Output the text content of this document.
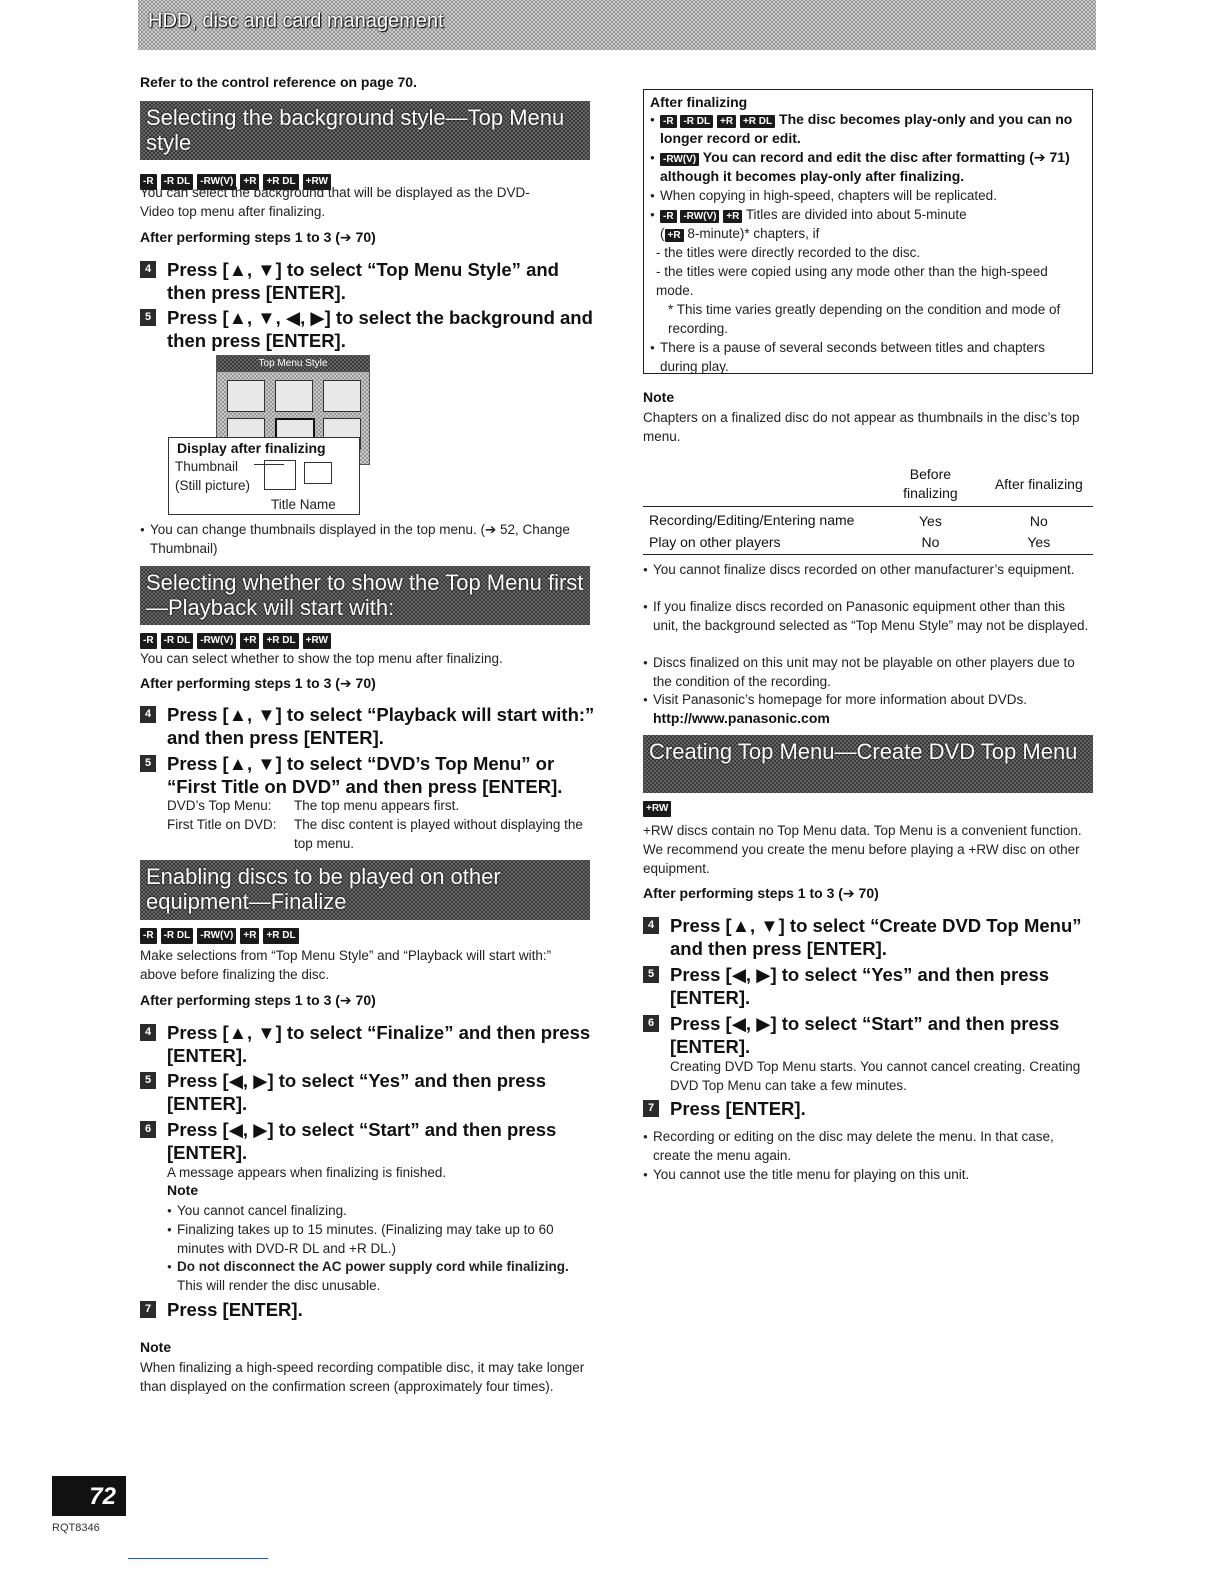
HDD, disc and card management
Refer to the control reference on page 70.
Selecting the background style—Top Menu style
-R	-R DL	-RW(V)	+R	+R DL	+RW
You can select the background that will be displayed as the DVD-Video top menu after finalizing.
After performing steps 1 to 3 (➔ 70)
4 Press [▲, ▼] to select “Top Menu Style” and then press [ENTER].
5 Press [▲, ▼, ◀, ▶] to select the background and then press [ENTER].
Top Menu Style
Display after finalizing
Thumbnail
(Still picture)
Title Name
● You can change thumbnails displayed in the top menu. (➔ 52, Change Thumbnail)
Selecting whether to show the Top Menu first—Playback will start with:
-R	-R DL	-RW(V)	+R	+R DL	+RW
You can select whether to show the top menu after finalizing.
After performing steps 1 to 3 (➔ 70)
4 Press [▲, ▼] to select “Playback will start with:” and then press [ENTER].
5 Press [▲, ▼] to select “DVD’s Top Menu” or “First Title on DVD” and then press [ENTER].
DVD’s Top Menu: The top menu appears first.
First Title on DVD: The disc content is played without displaying the top menu.
Enabling discs to be played on other equipment—Finalize
-R	-R DL	-RW(V)	+R	+R DL
Make selections from “Top Menu Style” and “Playback will start with:” above before finalizing the disc.
After performing steps 1 to 3 (➔ 70)
4 Press [▲, ▼] to select “Finalize” and then press [ENTER].
5 Press [◀, ▶] to select “Yes” and then press [ENTER].
6 Press [◀, ▶] to select “Start” and then press [ENTER].
A message appears when finalizing is finished.
Note
● You cannot cancel finalizing.
● Finalizing takes up to 15 minutes. (Finalizing may take up to 60 minutes with DVD-R DL and +R DL.)
● Do not disconnect the AC power supply cord while finalizing. This will render the disc unusable.
7 Press [ENTER].
Note
When finalizing a high-speed recording compatible disc, it may take longer than displayed on the confirmation screen (approximately four times).
After finalizing
● -R -R DL +R +R DL The disc becomes play-only and you can no longer record or edit.
● -RW(V) You can record and edit the disc after formatting (➔ 71) although it becomes play-only after finalizing.
● When copying in high-speed, chapters will be replicated.
● -R -RW(V) +R Titles are divided into about 5-minute
( +R 8-minute)* chapters, if
- the titles were directly recorded to the disc.
- the titles were copied using any mode other than the high-speed mode.
* This time varies greatly depending on the condition and mode of recording.
● There is a pause of several seconds between titles and chapters during play.
Note
Chapters on a finalized disc do not appear as thumbnails in the disc’s top menu.
	Before finalizing	After finalizing
Recording/Editing/Entering name	Yes	No
Play on other players	No	Yes
● You cannot finalize discs recorded on other manufacturer’s equipment.
● If you finalize discs recorded on Panasonic equipment other than this unit, the background selected as “Top Menu Style” may not be displayed.
● Discs finalized on this unit may not be playable on other players due to the condition of the recording.
● Visit Panasonic’s homepage for more information about DVDs.
http://www.panasonic.com
Creating Top Menu—Create DVD Top Menu
+RW
+RW discs contain no Top Menu data. Top Menu is a convenient function. We recommend you create the menu before playing a +RW disc on other equipment.
After performing steps 1 to 3 (➔ 70)
4 Press [▲, ▼] to select “Create DVD Top Menu” and then press [ENTER].
5 Press [◀, ▶] to select “Yes” and then press [ENTER].
6 Press [◀, ▶] to select “Start” and then press [ENTER].
Creating DVD Top Menu starts. You cannot cancel creating. Creating DVD Top Menu can take a few minutes.
7 Press [ENTER].
● Recording or editing on the disc may delete the menu. In that case, create the menu again.
● You cannot use the title menu for playing on this unit.
72
RQT8346
